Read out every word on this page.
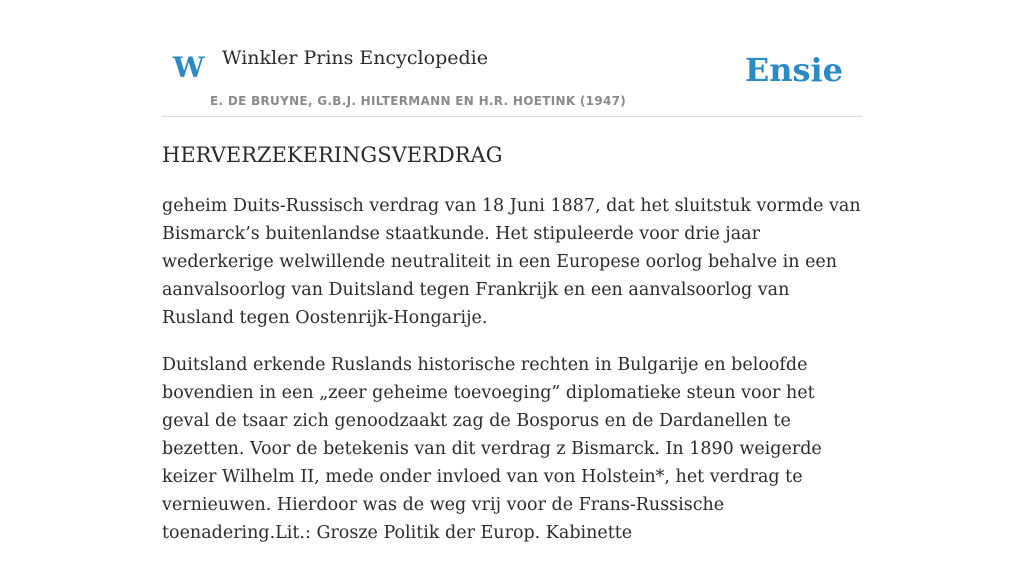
W Winkler Prins Encyclopedie
E. DE BRUYNE, G.B.J. HILTERMANN EN H.R. HOETINK (1947)
Ensie
HERVERZEKERINGSVERDRAG

geheim Duits-Russisch verdrag van 18 Juni 1887, dat het sluitstuk vormde van Bismarck’s buitenlandse staatkunde. Het stipuleerde voor drie jaar wederkerige welwillende neutraliteit in een Europese oorlog behalve in een aanvalsoorlog van Duitsland tegen Frankrijk en een aanvalsoorlog van Rusland tegen Oostenrijk-Hongarije.

Duitsland erkende Ruslands historische rechten in Bulgarije en beloofde bovendien in een „zeer geheime toevoeging” diplomatieke steun voor het geval de tsaar zich genoodzaakt zag de Bosporus en de Dardanellen te bezetten. Voor de betekenis van dit verdrag z Bismarck. In 1890 weigerde keizer Wilhelm II, mede onder invloed van von Holstein*, het verdrag te vernieuwen. Hierdoor was de weg vrij voor de Frans-Russische toenadering.Lit.: Grosze Politik der Europ. Kabinette
